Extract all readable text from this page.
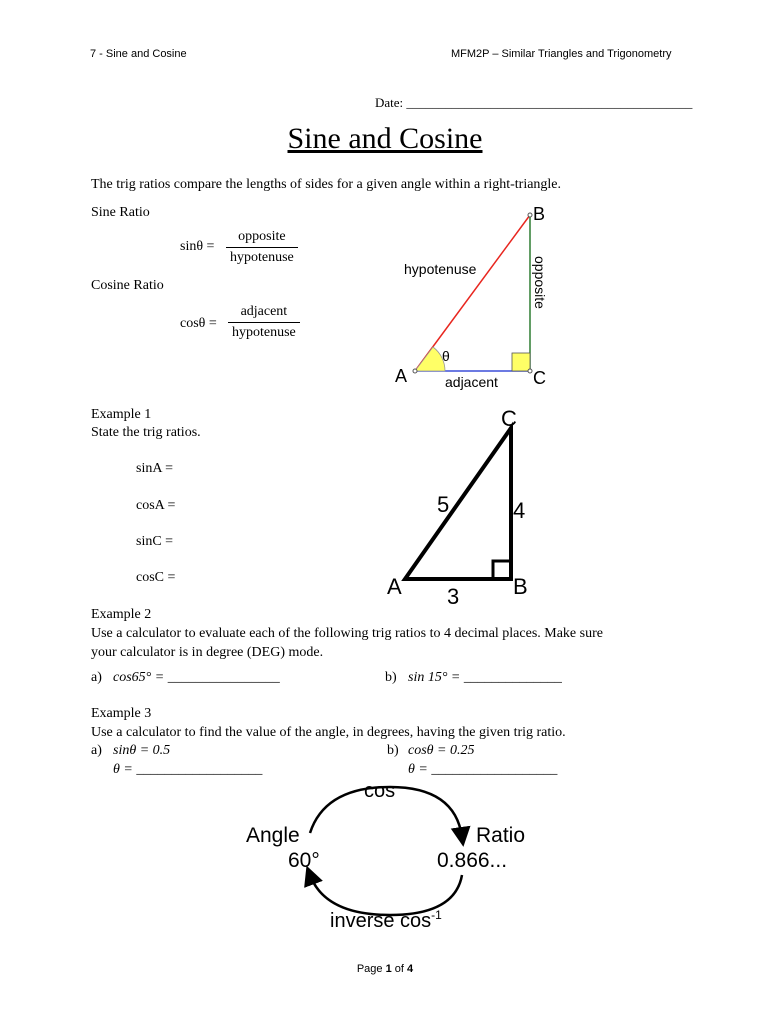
7 - Sine and Cosine	MFM2P – Similar Triangles and Trigonometry
Date: ____________________________________________
Sine and Cosine
The trig ratios compare the lengths of sides for a given angle within a right-triangle.
Sine Ratio
sinθ =
opposite
hypotenuse
Cosine Ratio
cosθ =
adjacent
hypotenuse
A
B
C
hypotenuse	opposite
adjacent
θ
Example 1
State the trig ratios.
sinA =
cosA =
sinC =
cosC =	A	B
C
5	4
3
Example 2
Use a calculator to evaluate each of the following trig ratios to 4 decimal places. Make sure
your calculator is in degree (DEG) mode.
a) cos65° = ________________	b) sin 15° = ______________
Example 3
Use a calculator to find the value of the angle, in degrees, having the given trig ratio.
a) sinθ = 0.5
θ = __________________
b) cosθ = 0.25
θ = __________________
cos
Angle
60°
Ratio
0.866...
inverse $\cos^{-1}$
Page 1 of 4
